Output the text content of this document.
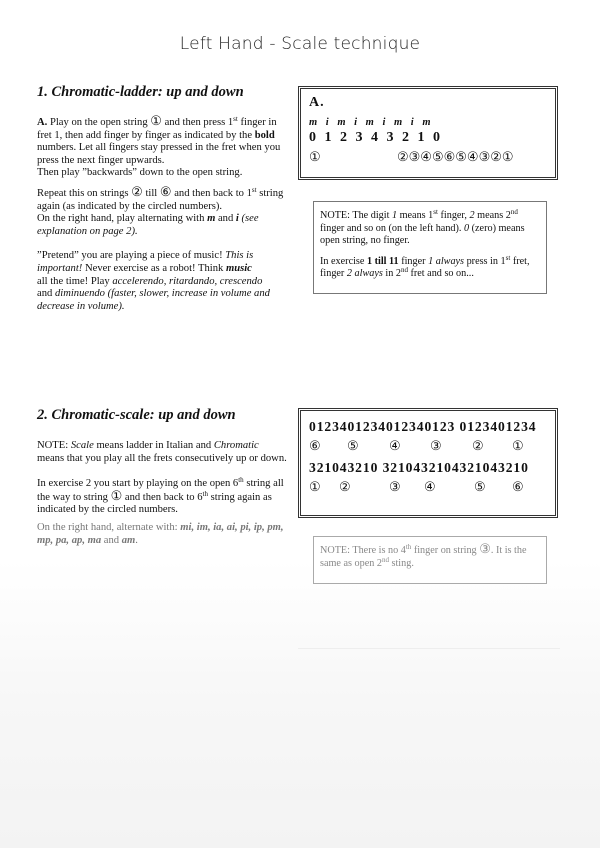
Left Hand - Scale technique
1. Chromatic-ladder: up and down

A. Play on the open string ① and then press 1st finger in fret 1, then add finger by finger as indicated by the bold numbers. Let all fingers stay pressed in the fret when you press the next finger upwards.
Then play ”backwards” down to the open string.

Repeat this on strings ② till ⑥ and then back to 1st string again (as indicated by the circled numbers).
On the right hand, play alternating with m and i (see explanation on page 2).

”Pretend” you are playing a piece of music! This is important! Never exercise as a robot! Think music
all the time! Play accelerendo, ritardando, crescendo
and diminuendo (faster, slower, increase in volume and decrease in volume).

A.
m i m i m i m i m
0 1 2 3 4 3 2 1 0
①	②③④⑤⑥⑤④③②①

NOTE: The digit 1 means 1st finger, 2 means 2nd finger and so on (on the left hand). 0 (zero) means open string, no finger.

In exercise 1 till 11 finger 1 always press in 1st fret, finger 2 always in 2nd fret and so on...

2. Chromatic-scale: up and down

NOTE: Scale means ladder in Italian and Chromatic means that you play all the frets consecutively up or down.

In exercise 2 you start by playing on the open 6th string all the way to string ① and then back to 6th string again as indicated by the circled numbers.

On the right hand, alternate with: mi, im, ia, ai, pi, ip, pm, mp, pa, ap, ma and am.

012340123401234012​3 0123401234
⑥ ⑤ ④ ③ ② ①
321043210 3210432104321043210
① ②	③ ④	⑤ ⑥
NOTE: There is no 4th finger on string ③. It is the same as open 2nd sting.
